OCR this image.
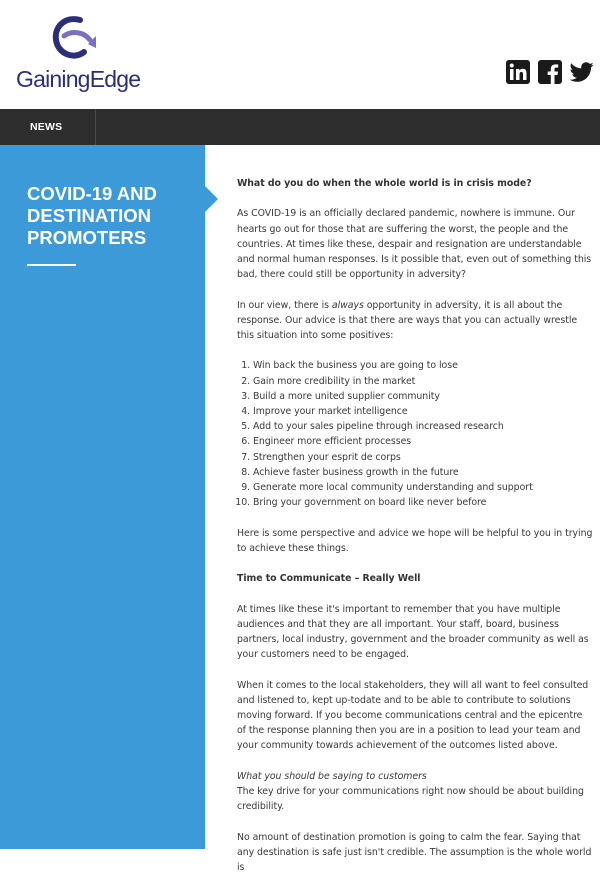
GainingEdge
NEWS
COVID-19 AND DESTINATION PROMOTERS

What do you do when the whole world is in crisis mode?

As COVID-19 is an officially declared pandemic, nowhere is immune. Our hearts go out for those that are suffering the worst, the people and the countries. At times like these, despair and resignation are understandable and normal human responses. Is it possible that, even out of something this bad, there could still be opportunity in adversity?

In our view, there is always opportunity in adversity, it is all about the response. Our advice is that there are ways that you can actually wrestle this situation into some positives:

1. Win back the business you are going to lose
2. Gain more credibility in the market
3. Build a more united supplier community
4. Improve your market intelligence
5. Add to your sales pipeline through increased research
6. Engineer more efficient processes
7. Strengthen your esprit de corps
8. Achieve faster business growth in the future
9. Generate more local community understanding and support
10. Bring your government on board like never before

Here is some perspective and advice we hope will be helpful to you in trying to achieve these things.

Time to Communicate – Really Well

At times like these it's important to remember that you have multiple audiences and that they are all important. Your staff, board, business partners, local industry, government and the broader community as well as your customers need to be engaged.

When it comes to the local stakeholders, they will all want to feel consulted and listened to, kept up-todate and to be able to contribute to solutions moving forward. If you become communications central and the epicentre of the response planning then you are in a position to lead your team and your community towards achievement of the outcomes listed above.

What you should be saying to customers

The key drive for your communications right now should be about building credibility.

No amount of destination promotion is going to calm the fear. Saying that any destination is safe just isn't credible. The assumption is the whole world is
